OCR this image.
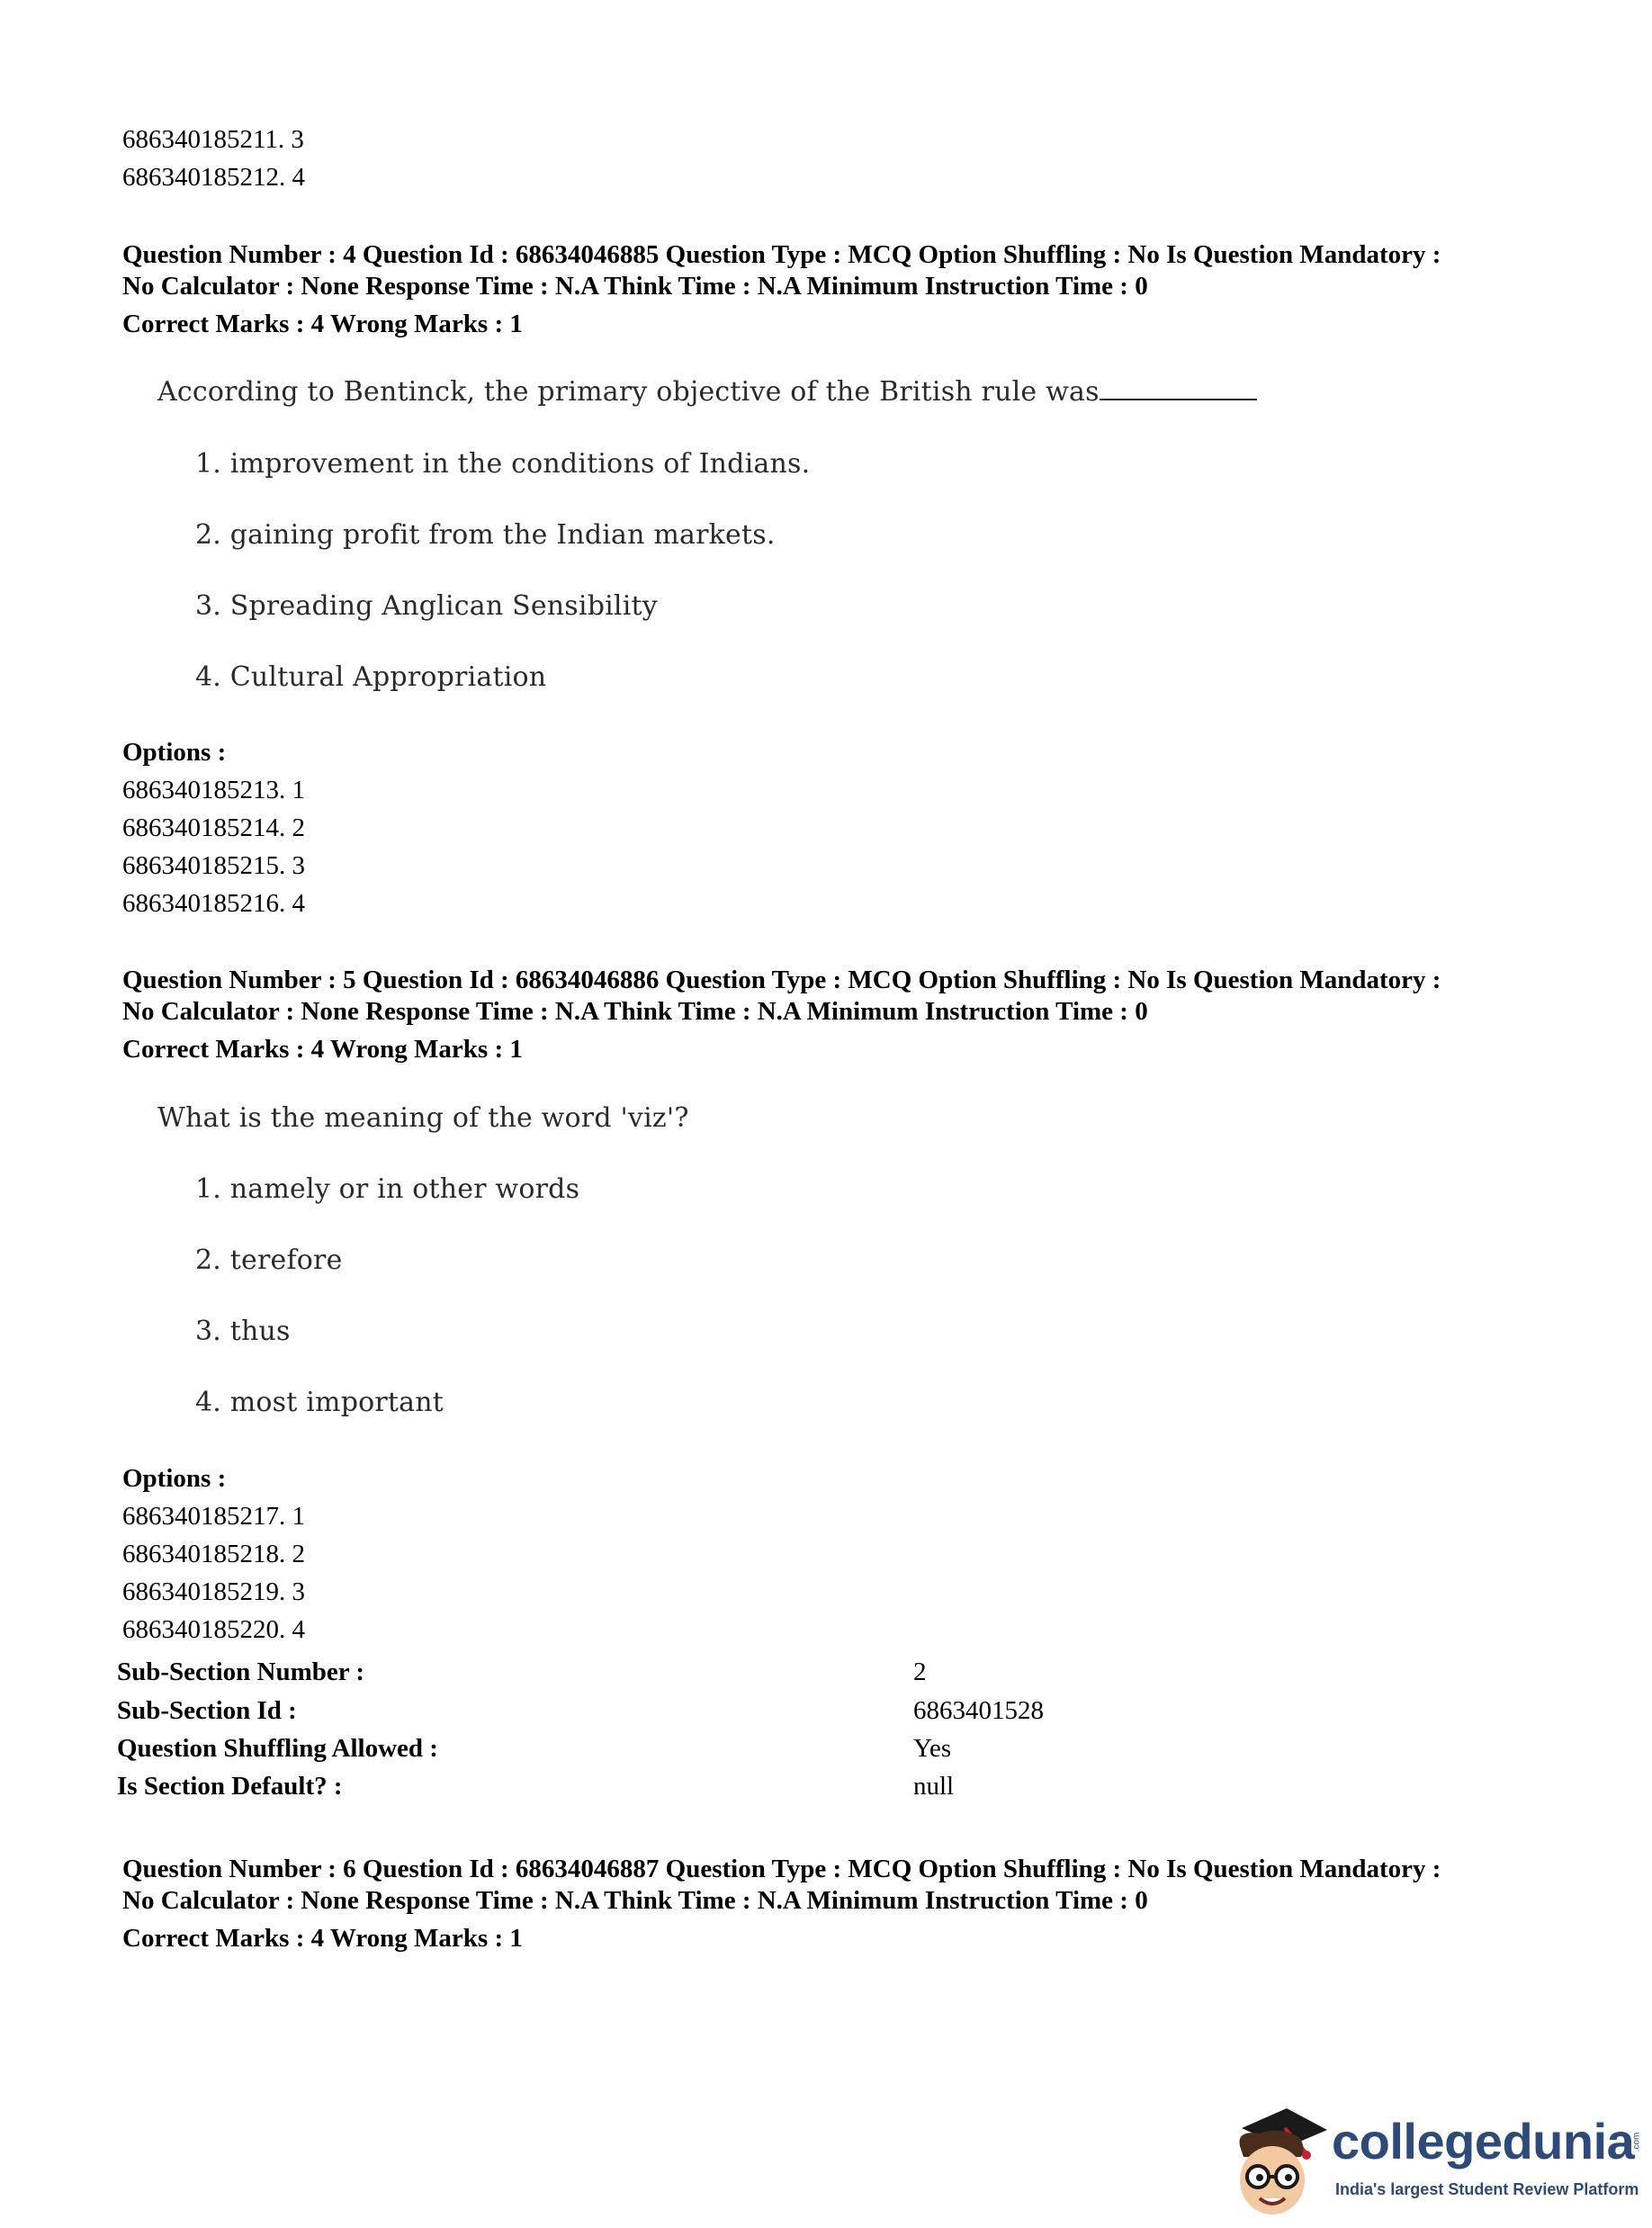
686340185211. 3
686340185212. 4
Question Number : 4 Question Id : 68634046885 Question Type : MCQ Option Shuffling : No Is Question Mandatory :
No Calculator : None Response Time : N.A Think Time : N.A Minimum Instruction Time : 0
Correct Marks : 4 Wrong Marks : 1
According to Bentinck, the primary objective of the British rule was
1. improvement in the conditions of Indians.
2. gaining profit from the Indian markets.
3. Spreading Anglican Sensibility
4. Cultural Appropriation
Options :
686340185213. 1
686340185214. 2
686340185215. 3
686340185216. 4
Question Number : 5 Question Id : 68634046886 Question Type : MCQ Option Shuffling : No Is Question Mandatory :
No Calculator : None Response Time : N.A Think Time : N.A Minimum Instruction Time : 0
Correct Marks : 4 Wrong Marks : 1
What is the meaning of the word 'viz'?
1. namely or in other words
2. terefore
3. thus
4. most important
Options :
686340185217. 1
686340185218. 2
686340185219. 3
686340185220. 4
Sub-Section Number :	2
Sub-Section Id :	6863401528
Question Shuffling Allowed :	Yes
Is Section Default? :	null
Question Number : 6 Question Id : 68634046887 Question Type : MCQ Option Shuffling : No Is Question Mandatory :
No Calculator : None Response Time : N.A Think Time : N.A Minimum Instruction Time : 0
Correct Marks : 4 Wrong Marks : 1
collegedunia
.com
India's largest Student Review Platform
